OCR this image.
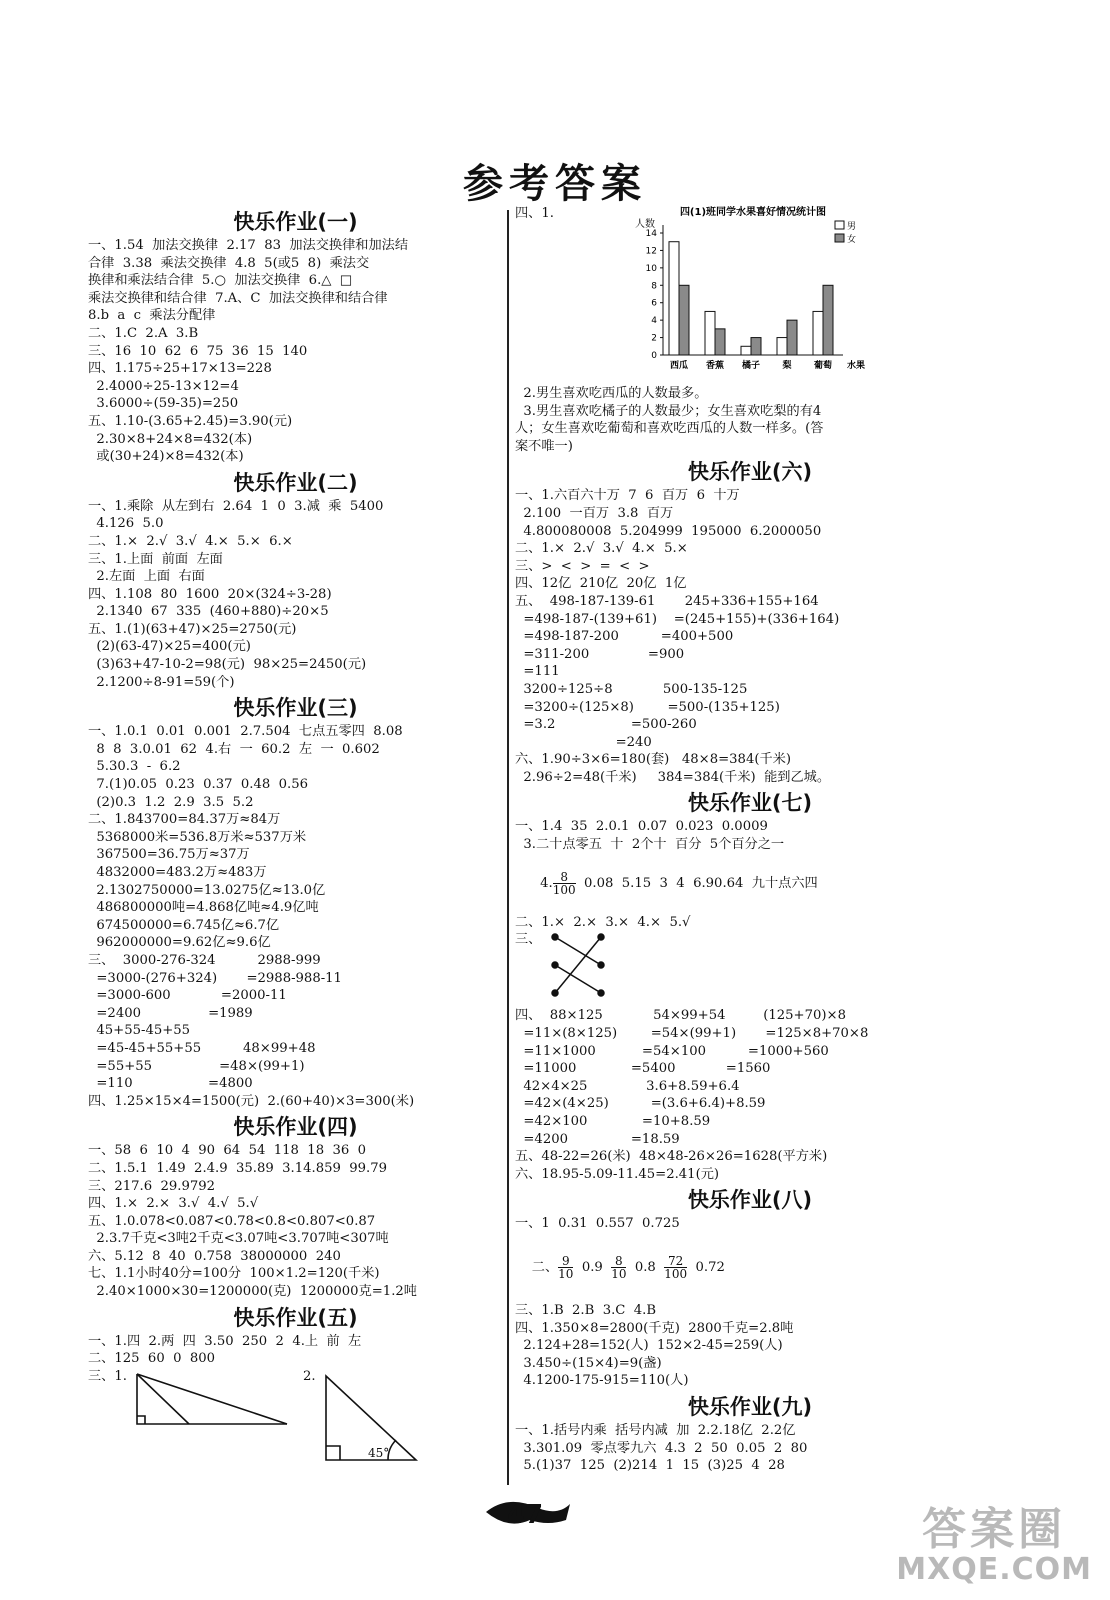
参考答案
快乐作业(一)
一、1.54  加法交换律  2.17  83  加法交换律和加法结
合律  3.38  乘法交换律  4.8  5(或5  8)  乘法交
换律和乘法结合律  5.○  加法交换律  6.△  □
乘法交换律和结合律  7.A、C  加法交换律和结合律
8.b  a  c  乘法分配律
二、1.C  2.A  3.B
三、16  10  62  6  75  36  15  140
四、1.175÷25+17×13=228
2.4000÷25-13×12=4
3.6000÷(59-35)=250
五、1.10-(3.65+2.45)=3.90(元)
2.30×8+24×8=432(本)
或(30+24)×8=432(本)
快乐作业(二)
一、1.乘除  从左到右  2.64  1  0  3.减  乘  5400
4.126  5.0
二、1.×  2.√  3.√  4.×  5.×  6.×
三、1.上面  前面  左面
2.左面  上面  右面
四、1.108  80  1600  20×(324÷3-28)
2.1340  67  335  (460+880)÷20×5
五、1.(1)(63+47)×25=2750(元)
(2)(63-47)×25=400(元)
(3)63+47-10-2=98(元)  98×25=2450(元)
2.1200÷8-91=59(个)
快乐作业(三)
一、1.0.1  0.01  0.001  2.7.504  七点五零四  8.08
8  8  3.0.01  62  4.右  一  60.2  左  一  0.602
5.30.3  -  6.2
7.(1)0.05  0.23  0.37  0.48  0.56
(2)0.3  1.2  2.9  3.5  5.2
二、1.843700=84.37万≈84万
5368000米=536.8万米≈537万米
367500=36.75万≈37万
4832000=483.2万≈483万
2.1302750000=13.0275亿≈13.0亿
486800000吨=4.868亿吨≈4.9亿吨
674500000=6.745亿≈6.7亿
962000000=9.62亿≈9.6亿
三、  3000-276-324          2988-999
=3000-(276+324)       =2988-988-11
=3000-600            =2000-11
=2400                =1989
45+55-45+55
=45-45+55+55          48×99+48
=55+55                =48×(99+1)
=110                  =4800
四、1.25×15×4=1500(元)  2.(60+40)×3=300(米)
快乐作业(四)
一、58  6  10  4  90  64  54  118  18  36  0
二、1.5.1  1.49  2.4.9  35.89  3.14.859  99.79
三、217.6  29.9792
四、1.×  2.×  3.√  4.√  5.√
五、1.0.078<0.087<0.78<0.8<0.807<0.87
2.3.7千克<3吨2千克<3.07吨<3.707吨<307吨
六、5.12  8  40  0.758  38000000  240
七、1.1小时40分=100分  100×1.2=120(千米)
2.40×1000×30=1200000(克)  1200000克=1.2吨
快乐作业(五)
一、1.四  2.两  四  3.50  250  2  4.上  前  左
二、125  60  0  800
三、1.	2.
45°
四、1.	四(1)班同学水果喜好情况统计图
人数
0
2
4
6
8
10
12
14
西瓜 香蕉 橘子 梨 葡萄 水果
男
女
2.男生喜欢吃西瓜的人数最多。
3.男生喜欢吃橘子的人数最少；女生喜欢吃梨的有4
人；女生喜欢吃葡萄和喜欢吃西瓜的人数一样多。(答
案不唯一)
快乐作业(六)
一、1.六百六十万  7  6  百万  6  十万
2.100  一百万  3.8  百万
4.800080008  5.204999  195000  6.2000050
二、1.×  2.√  3.√  4.×  5.×
三、>  <  >  =  <  >
四、12亿  210亿  20亿  1亿
五、  498-187-139-61       245+336+155+164
=498-187-(139+61)    =(245+155)+(336+164)
=498-187-200          =400+500
=311-200              =900
=111
3200÷125÷8            500-135-125
=3200÷(125×8)        =500-(135+125)
=3.2                  =500-260
=240
六、1.90÷3×6=180(套)   48×8=384(千米)
2.96÷2=48(千米)     384=384(千米)  能到乙城。
快乐作业(七)
一、1.4  35  2.0.1  0.07  0.023  0.0009
3.二十点零五  十  2个十  百分  5个百分之一

4. $\frac{8}{100} 0.08$  5.15  3  4  6.90.64  九十点六四

二、1.×  2.×  3.×  4.×  5.√
三、
四、  88×125            54×99+54         (125+70)×8
=11×(8×125)        =54×(99+1)       =125×8+70×8
=11×1000           =54×100          =1000+560
=11000             =5400            =1560
42×4×25              3.6+8.59+6.4
=42×(4×25)          =(3.6+6.4)+8.59
=42×100             =10+8.59
=4200               =18.59
五、48-22=26(米)  48×48-26×26=1628(平方米)
六、18.95-5.09-11.45=2.41(元)
快乐作业(八)
一、1  0.31  0.557  0.725

二、 $\frac{9}{10} 0.9 \frac{8}{10} 0.8 \frac{72}{100} 0.72$

三、1.B  2.B  3.C  4.B
四、1.350×8=2800(千克)  2800千克=2.8吨
2.124+28=152(人)  152×2-45=259(人)
3.450÷(15×4)=9(盏)
4.1200-175-915=110(人)
快乐作业(九)
一、1.括号内乘  括号内减  加  2.2.18亿  2.2亿
3.301.09  零点零九六  4.3  2  50  0.05  2  80
5.(1)37  125  (2)214  1  15  (3)25  4  28
47	答案圈
MXQE.COM
